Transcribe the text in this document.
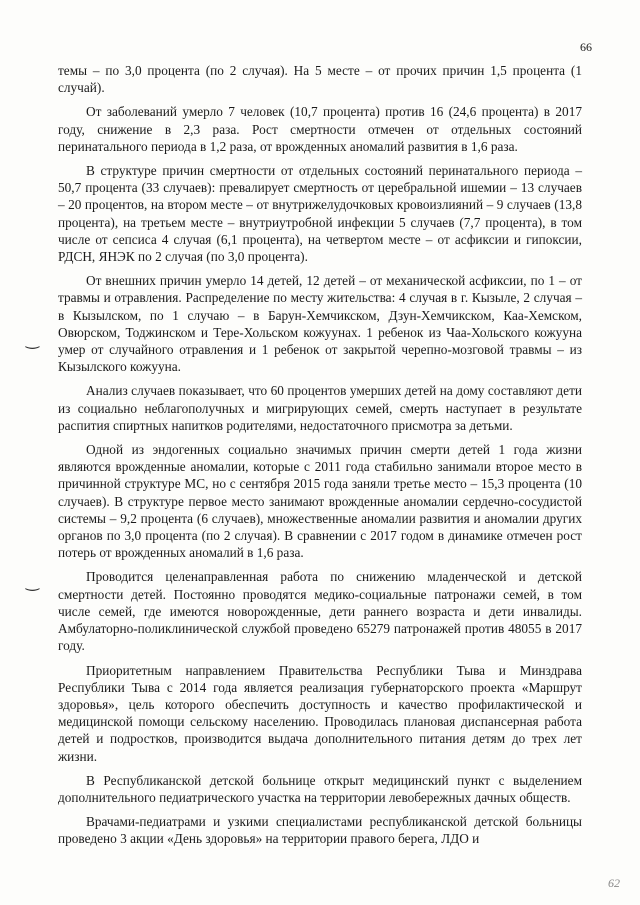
66
‿
‿

темы – по 3,0 процента (по 2 случая). На 5 месте – от прочих причин 1,5 процента (1 случай).

От заболеваний умерло 7 человек (10,7 процента) против 16 (24,6 процента) в 2017 году, снижение в 2,3 раза. Рост смертности отмечен от отдельных состояний перинатального периода в 1,2 раза, от врожденных аномалий развития в 1,6 раза.

В структуре причин смертности от отдельных состояний перинатального периода – 50,7 процента (33 случаев): превалирует смертность от церебральной ишемии – 13 случаев – 20 процентов, на втором месте – от внутрижелудочковых кровоизлияний – 9 случаев (13,8 процента), на третьем месте – внутриутробной инфекции 5 случаев (7,7 процента), в том числе от сепсиса 4 случая (6,1 процента), на четвертом месте – от асфиксии и гипоксии, РДСН, ЯНЭК по 2 случая (по 3,0 процента).

От внешних причин умерло 14 детей, 12 детей – от механической асфиксии, по 1 – от травмы и отравления. Распределение по месту жительства: 4 случая в г. Кызыле, 2 случая – в Кызылском, по 1 случаю – в Барун-Хемчикском, Дзун-Хемчикском, Каа-Хемском, Овюрском, Тоджинском и Тере-Хольском кожуунах. 1 ребенок из Чаа-Хольского кожууна умер от случайного отравления и 1 ребенок от закрытой черепно-мозговой травмы – из Кызылского кожууна.

Анализ случаев показывает, что 60 процентов умерших детей на дому составляют дети из социально неблагополучных и мигрирующих семей, смерть наступает в результате распития спиртных напитков родителями, недостаточного присмотра за детьми.

Одной из эндогенных социально значимых причин смерти детей 1 года жизни являются врожденные аномалии, которые с 2011 года стабильно занимали второе место в причинной структуре МС, но с сентября 2015 года заняли третье место – 15,3 процента (10 случаев). В структуре первое место занимают врожденные аномалии сердечно-сосудистой системы – 9,2 процента (6 случаев), множественные аномалии развития и аномалии других органов по 3,0 процента (по 2 случая). В сравнении с 2017 годом в динамике отмечен рост потерь от врожденных аномалий в 1,6 раза.

Проводится целенаправленная работа по снижению младенческой и детской смертности детей. Постоянно проводятся медико-социальные патронажи семей, в том числе семей, где имеются новорожденные, дети раннего возраста и дети инвалиды. Амбулаторно-поликлинической службой проведено 65279 патронажей против 48055 в 2017 году.

Приоритетным направлением Правительства Республики Тыва и Минздрава Республики Тыва с 2014 года является реализация губернаторского проекта «Маршрут здоровья», цель которого обеспечить доступность и качество профилактической и медицинской помощи сельскому населению. Проводилась плановая диспансерная работа детей и подростков, производится выдача дополнительного питания детям до трех лет жизни.

В Республиканской детской больнице открыт медицинский пункт с выделением дополнительного педиатрического участка на территории левобережных дачных обществ.

Врачами-педиатрами и узкими специалистами республиканской детской больницы проведено 3 акции «День здоровья» на территории правого берега, ЛДО и

62
